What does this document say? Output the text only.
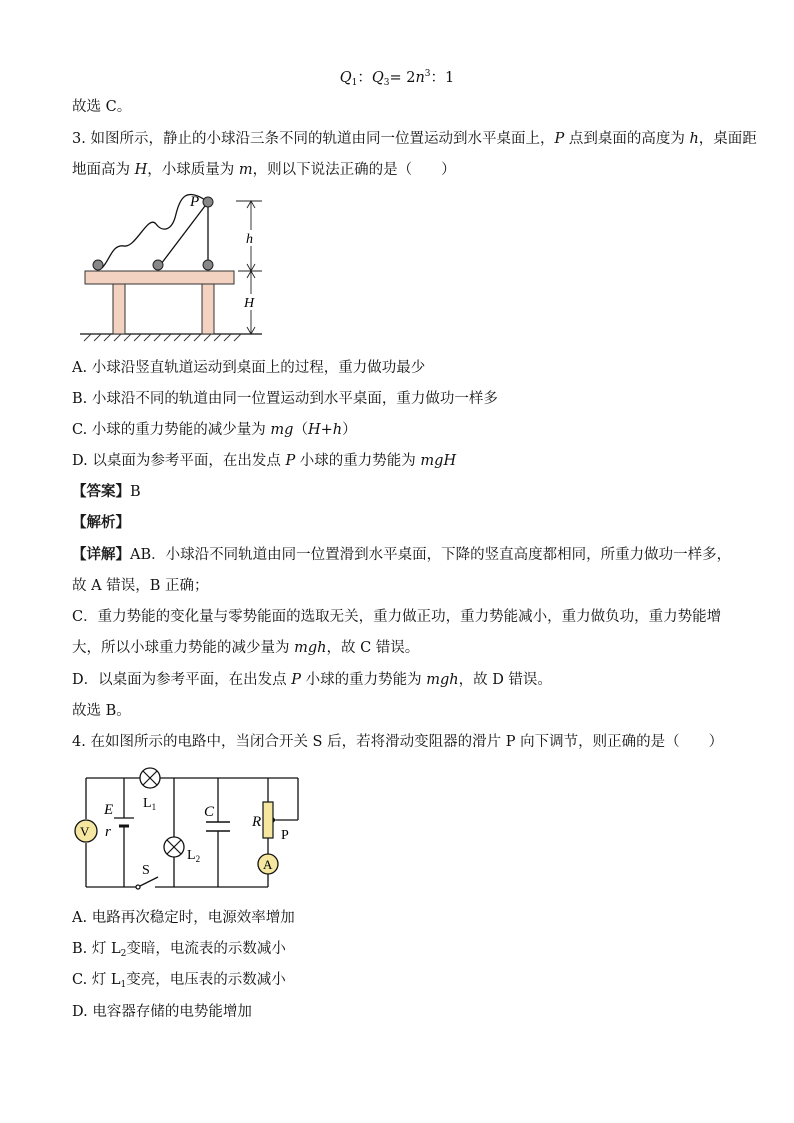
$Q_1$：$Q_3= 2n^3$：1
故选 C。
3. 如图所示，静止的小球沿三条不同的轨道由同一位置运动到水平桌面上，P 点到桌面的高度为 h，桌面距
地面高为 H，小球质量为 m，则以下说法正确的是（　　）
P
h
H
A. 小球沿竖直轨道运动到桌面上的过程，重力做功最少
B. 小球沿不同的轨道由同一位置运动到水平桌面，重力做功一样多
C. 小球的重力势能的减少量为 mg（H+h）
D. 以桌面为参考平面，在出发点 P 小球的重力势能为 mgH
【答案】B
【解析】
【详解】AB．小球沿不同轨道由同一位置滑到水平桌面，下降的竖直高度都相同，所重力做功一样多，
故 A 错误，B 正确；
C．重力势能的变化量与零势能面的选取无关，重力做正功，重力势能减小，重力做负功，重力势能增
大，所以小球重力势能的减少量为 mgh，故 C 错误。
D．以桌面为参考平面，在出发点 P 小球的重力势能为 mgh，故 D 错误。
故选 B。
4. 在如图所示的电路中，当闭合开关 S 后，若将滑动变阻器的滑片 P 向下调节，则正确的是（　　）
V
A
E
r
$L_1$
$L_2$
C
R
P
S
A. 电路再次稳定时，电源效率增加
B. 灯 $L_2$变暗，电流表的示数减小
C. 灯 $L_1$变亮，电压表的示数减小
D. 电容器存储的电势能增加
